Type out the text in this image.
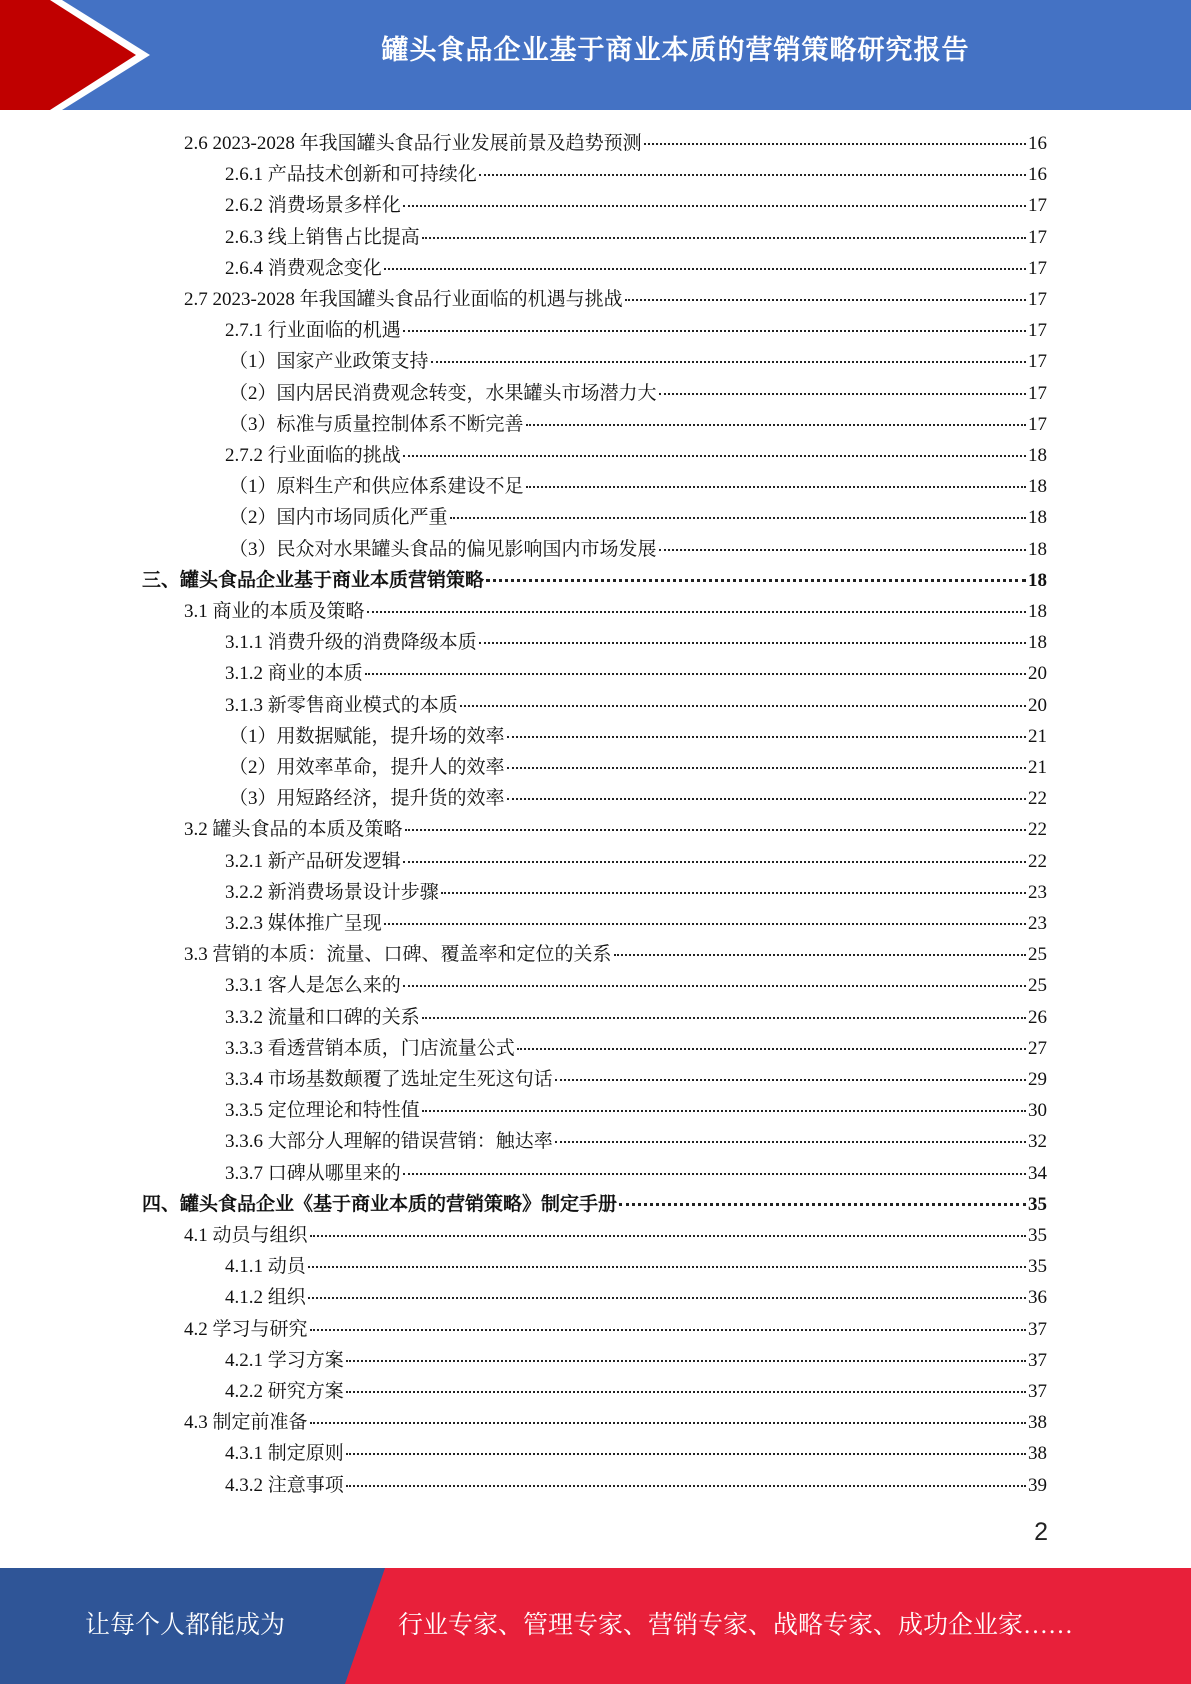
罐头食品企业基于商业本质的营销策略研究报告
2.6 2023-2028 年我国罐头食品行业发展前景及趋势预测	16
2.6.1 产品技术创新和可持续化	16
2.6.2 消费场景多样化	17
2.6.3 线上销售占比提高	17
2.6.4 消费观念变化	17
2.7 2023-2028 年我国罐头食品行业面临的机遇与挑战	17
2.7.1 行业面临的机遇	17
（1）国家产业政策支持	17
（2）国内居民消费观念转变，水果罐头市场潜力大	17
（3）标准与质量控制体系不断完善	17
2.7.2 行业面临的挑战	18
（1）原料生产和供应体系建设不足	18
（2）国内市场同质化严重	18
（3）民众对水果罐头食品的偏见影响国内市场发展	18
三、罐头食品企业基于商业本质营销策略	18
3.1 商业的本质及策略	18
3.1.1 消费升级的消费降级本质	18
3.1.2 商业的本质	20
3.1.3 新零售商业模式的本质	20
（1）用数据赋能，提升场的效率	21
（2）用效率革命，提升人的效率	21
（3）用短路经济，提升货的效率	22
3.2 罐头食品的本质及策略	22
3.2.1 新产品研发逻辑	22
3.2.2 新消费场景设计步骤	23
3.2.3 媒体推广呈现	23
3.3 营销的本质：流量、口碑、覆盖率和定位的关系	25
3.3.1 客人是怎么来的	25
3.3.2 流量和口碑的关系	26
3.3.3 看透营销本质，门店流量公式	27
3.3.4 市场基数颠覆了选址定生死这句话	29
3.3.5 定位理论和特性值	30
3.3.6 大部分人理解的错误营销：触达率	32
3.3.7 口碑从哪里来的	34
四、罐头食品企业《基于商业本质的营销策略》制定手册	35
4.1 动员与组织	35
4.1.1 动员	35
4.1.2 组织	36
4.2 学习与研究	37
4.2.1 学习方案	37
4.2.2 研究方案	37
4.3 制定前准备	38
4.3.1 制定原则	38
4.3.2 注意事项	39
2
让每个人都能成为	行业专家、管理专家、营销专家、战略专家、成功企业家……
